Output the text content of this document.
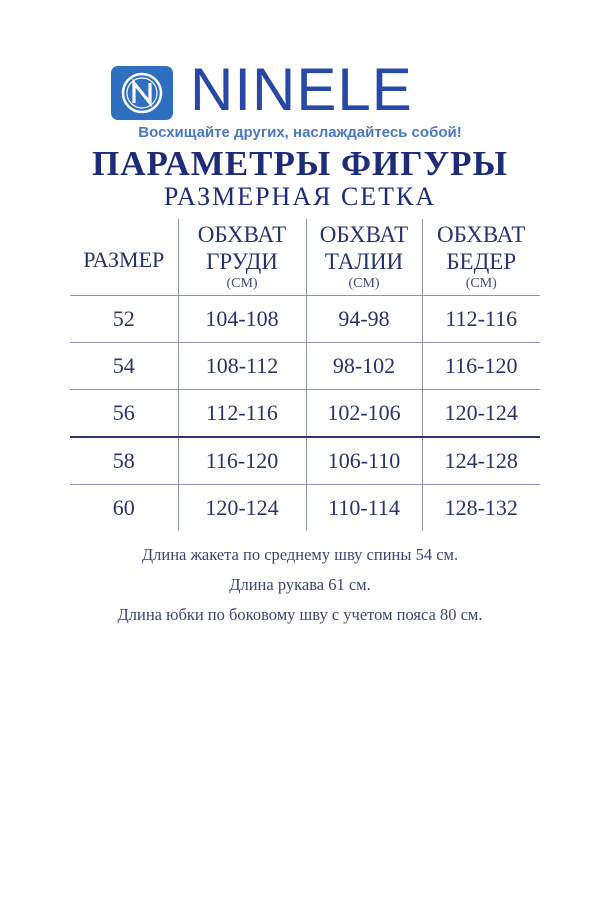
NINELE
Восхищайте других, наслаждайтесь собой!
ПАРАМЕТРЫ ФИГУРЫ
РАЗМЕРНАЯ СЕТКА
РАЗМЕР	ОБХВАТ
ГРУДИ
(СМ)	ОБХВАТ
ТАЛИИ
(СМ)	ОБХВАТ
БЕДЕР
(СМ)

52	104-108	94-98	112-116
54	108-112	98-102	116-120
56	112-116	102-106	120-124
58	116-120	106-110	124-128
60	120-124	110-114	128-132
Длина жакета по среднему шву спины 54 см.
Длина рукава 61 см.
Длина юбки по боковому шву с учетом пояса 80 см.
